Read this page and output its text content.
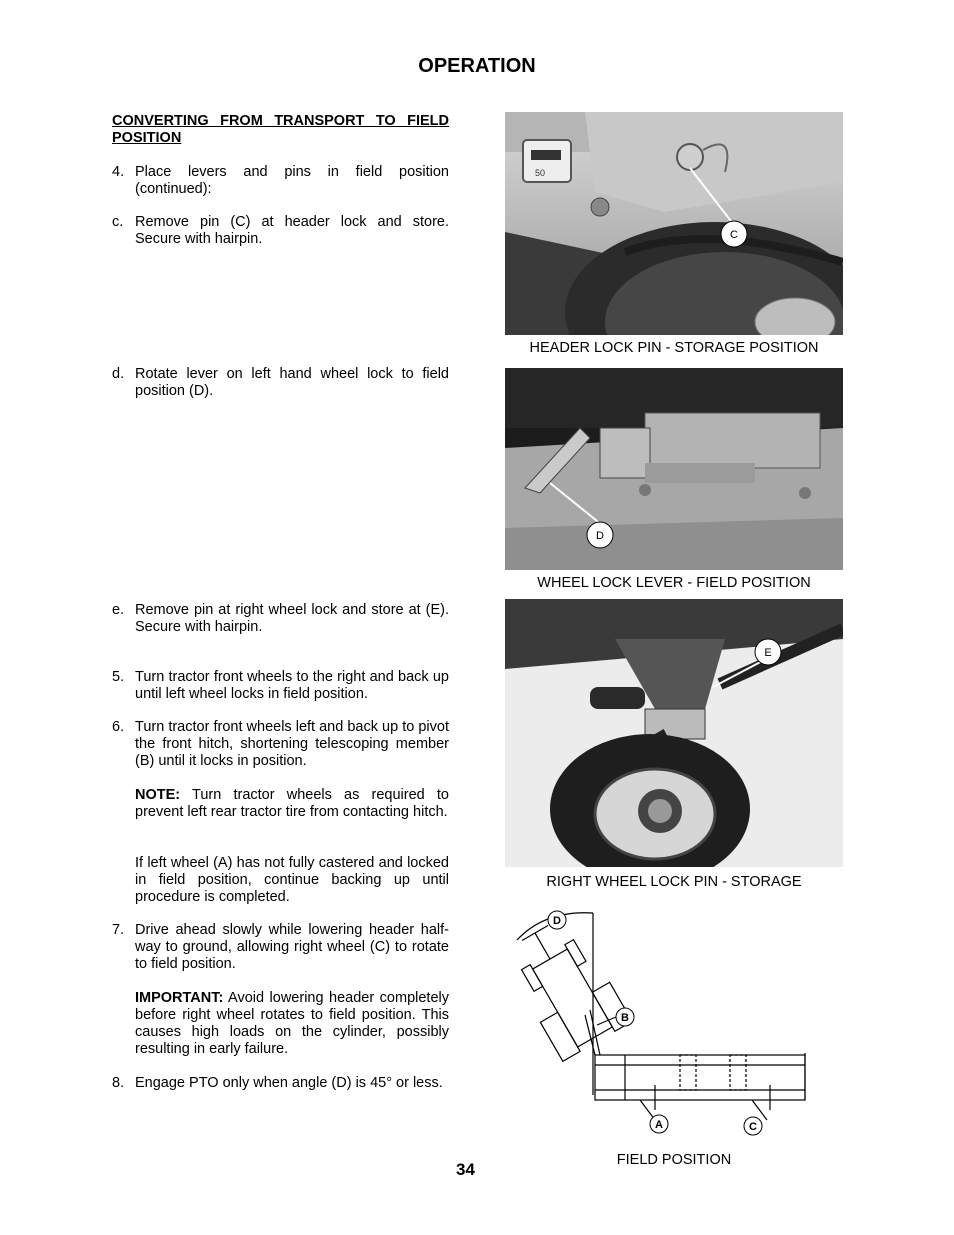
OPERATION
CONVERTING FROM TRANSPORT TO FIELD POSITION
4. Place levers and pins in field position (continued):
c. Remove pin (C) at header lock and store. Secure with hairpin.
d. Rotate lever on left hand wheel lock to field position (D).
e. Remove pin at right wheel lock and store at (E). Secure with hairpin.
5. Turn tractor front wheels to the right and back up until left wheel locks in field position.
6. Turn tractor front wheels left and back up to pivot the front hitch, shortening telescoping member (B) until it locks in position.
NOTE: Turn tractor wheels as required to prevent left rear tractor tire from contacting hitch.
If left wheel (A) has not fully castered and locked in field position, continue backing up until procedure is completed.
7. Drive ahead slowly while lowering header half-way to ground, allowing right wheel (C) to rotate to field position.
IMPORTANT: Avoid lowering header completely before right wheel rotates to field position. This causes high loads on the cylinder, possibly resulting in early failure.
8. Engage PTO only when angle (D) is 45° or less.
50
C
HEADER LOCK PIN - STORAGE POSITION
D
WHEEL LOCK LEVER - FIELD POSITION
E
RIGHT WHEEL LOCK PIN - STORAGE
D
B
A	C
FIELD POSITION
34
